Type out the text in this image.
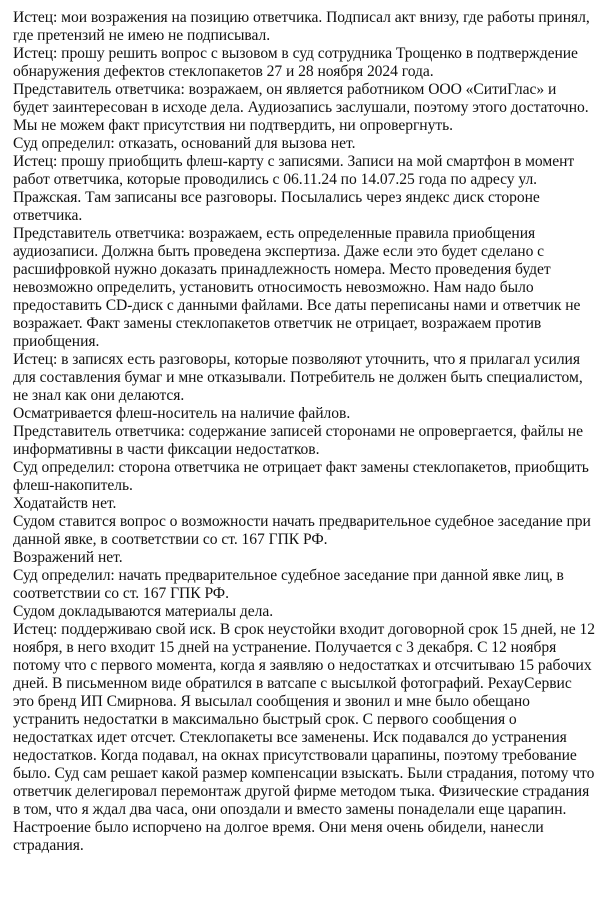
Истец: мои возражения на позицию ответчика. Подписал акт внизу, где работы принял, где претензий не имею не подписывал.

Истец: прошу решить вопрос с вызовом в суд сотрудника Трощенко в подтверждение обнаружения дефектов стеклопакетов 27 и 28 ноября 2024 года.

Представитель ответчика: возражаем, он является работником ООО «СитиГлас» и будет заинтересован в исходе дела. Аудиозапись заслушали, поэтому этого достаточно. Мы не можем факт присутствия ни подтвердить, ни опровергнуть.

Суд определил: отказать, оснований для вызова нет.

Истец: прошу приобщить флеш-карту с записями. Записи на мой смартфон в момент работ ответчика, которые проводились с 06.11.24 по 14.07.25 года по адресу ул. Пражская. Там записаны все разговоры. Посылались через яндекс диск стороне ответчика.

Представитель ответчика: возражаем, есть определенные правила приобщения аудиозаписи. Должна быть проведена экспертиза. Даже если это будет сделано с расшифровкой нужно доказать принадлежность номера. Место проведения будет невозможно определить, установить относимость невозможно. Нам надо было предоставить CD-диск с данными файлами. Все даты переписаны нами и ответчик не возражает. Факт замены стеклопакетов ответчик не отрицает, возражаем против приобщения.

Истец: в записях есть разговоры, которые позволяют уточнить, что я прилагал усилия для составления бумаг и мне отказывали. Потребитель не должен быть специалистом, не знал как они делаются.

Осматривается флеш-носитель на наличие файлов.

Представитель ответчика: содержание записей сторонами не опровергается, файлы не информативны в части фиксации недостатков.

Суд определил: сторона ответчика не отрицает факт замены стеклопакетов, приобщить флеш-накопитель.

Ходатайств нет.

Судом ставится вопрос о возможности начать предварительное судебное заседание при данной явке, в соответствии со ст. 167 ГПК РФ.

Возражений нет.

Суд определил: начать предварительное судебное заседание при данной явке лиц, в соответствии со ст. 167 ГПК РФ.

Судом докладываются материалы дела.

Истец: поддерживаю свой иск. В срок неустойки входит договорной срок 15 дней, не 12 ноября, в него входит 15 дней на устранение. Получается с 3 декабря. С 12 ноября потому что с первого момента, когда я заявляю о недостатках и отсчитываю 15 рабочих дней. В письменном виде обратился в ватсапе с высылкой фотографий. РехауСервис это бренд ИП Смирнова. Я высылал сообщения и звонил и мне было обещано устранить недостатки в максимально быстрый срок. С первого сообщения о недостатках идет отсчет. Стеклопакеты все заменены. Иск подавался до устранения недостатков. Когда подавал, на окнах присутствовали царапины, поэтому требование было. Суд сам решает какой размер компенсации взыскать. Были страдания, потому что ответчик делегировал перемонтаж другой фирме методом тыка. Физические страдания в том, что я ждал два часа, они опоздали и вместо замены понаделали еще царапин. Настроение было испорчено на долгое время. Они меня очень обидели, нанесли страдания.
